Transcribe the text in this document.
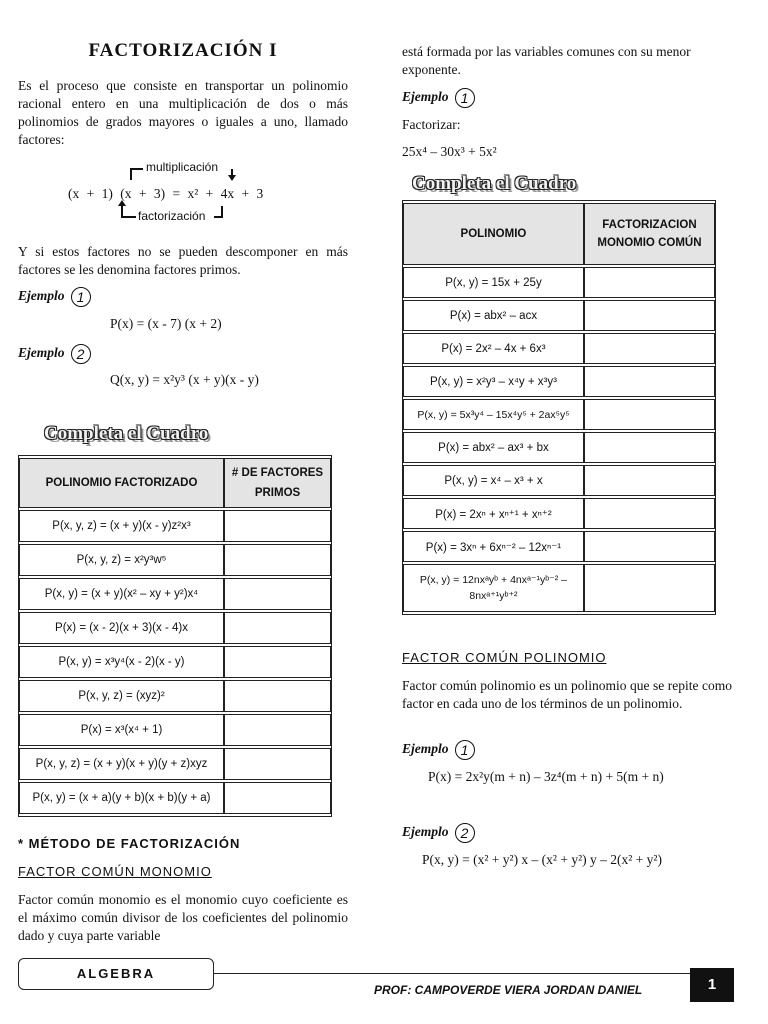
FACTORIZACIÓN I

Es el proceso que consiste en transportar un polinomio racional entero en una multiplicación de dos o más polinomios de grados mayores o iguales a uno, llamado factores:

multiplicación
(x + 1) (x + 3) = x² + 4x + 3
factorización

Y si estos factores no se pueden descomponer en más factores se les denomina factores primos.

Ejemplo 1
P(x) = (x - 7) (x + 2)
Ejemplo 2
Q(x, y) = x²y³ (x + y)(x - y)
Completa el Cuadro
POLINOMIO FACTORIZADO	# DE FACTORES PRIMOS
P(x, y, z) = (x + y)(x - y)z²x³	
P(x, y, z) = x²y³w⁵	
P(x, y) = (x + y)(x² – xy + y²)x⁴	
P(x) = (x - 2)(x + 3)(x - 4)x	
P(x, y) = x³y⁴(x - 2)(x - y)	
P(x, y, z) = (xyz)²	
P(x) = x³(x⁴ + 1)	
P(x, y, z) = (x + y)(x + y)(y + z)xyz	
P(x, y) = (x + a)(y + b)(x + b)(y + a)	
* MÉTODO DE FACTORIZACIÓN
FACTOR COMÚN MONOMIO

Factor común monomio es el monomio cuyo coeficiente es el máximo común divisor de los coeficientes del polinomio dado y cuya parte variable

está formada por las variables comunes con su menor exponente.

Ejemplo 1
Factorizar:
25x⁴ – 30x³ + 5x²
Completa el Cuadro
POLINOMIO	FACTORIZACION MONOMIO COMÚN
P(x, y) = 15x + 25y	
P(x) = abx² – acx	
P(x) = 2x² – 4x + 6x³	
P(x, y) = x²y³ – x⁴y + x³y³	
P(x, y) = 5x³y⁴ – 15x⁴y⁵ + 2ax⁵y⁵	
P(x) = abx² – ax³ + bx	
P(x, y) = x⁴ – x³ + x	
P(x) = 2xⁿ + xⁿ⁺¹ + xⁿ⁺²	
P(x) = 3xⁿ + 6xⁿ⁻² – 12xⁿ⁻¹	
P(x, y) = 12nxᵃyᵇ + 4nxᵃ⁻¹yᵇ⁻² – 8nxᵃ⁺¹yᵇ⁺²	
FACTOR COMÚN POLINOMIO

Factor común polinomio es un polinomio que se repite como factor en cada uno de los términos de un polinomio.

Ejemplo 1
P(x) = 2x²y(m + n) – 3z⁴(m + n) + 5(m + n)
Ejemplo 2
P(x, y) = (x² + y²) x – (x² + y²) y – 2(x² + y²)
ALGEBRA
PROF: CAMPOVERDE VIERA JORDAN DANIEL	1
